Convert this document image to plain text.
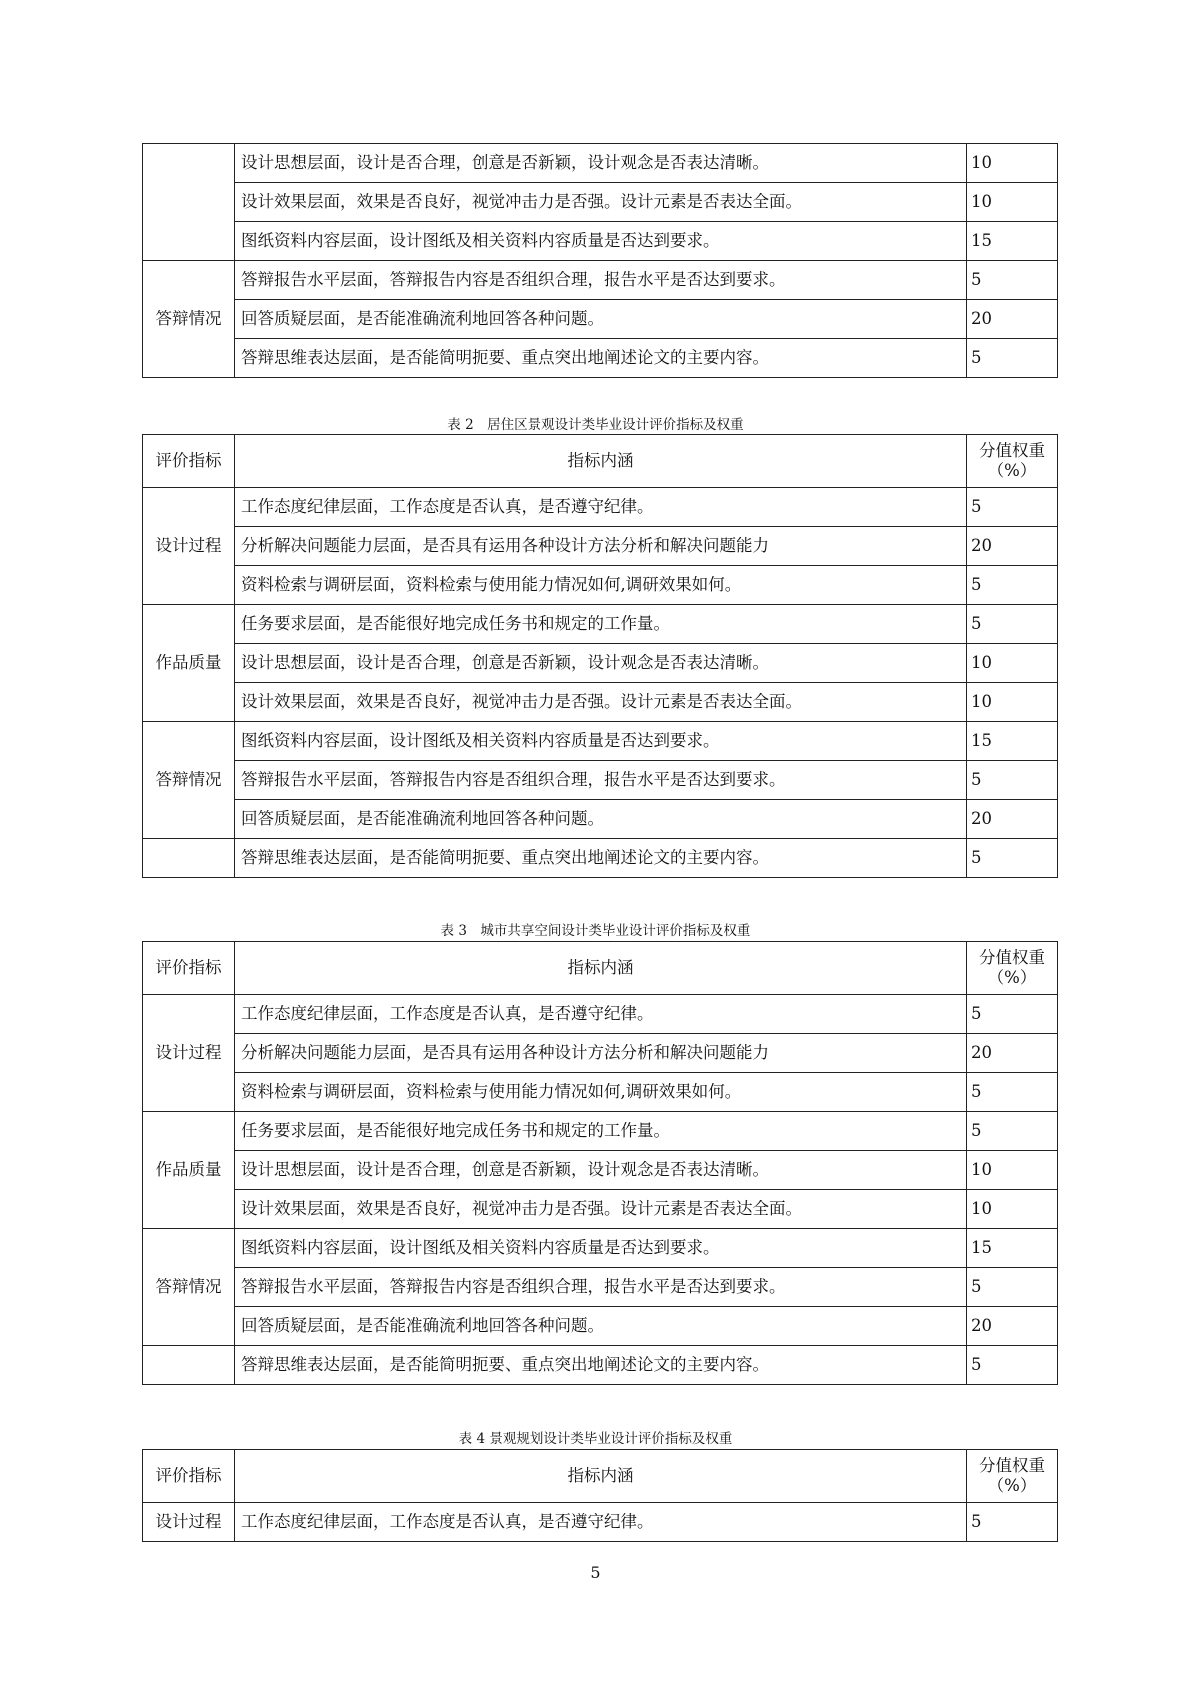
	设计思想层面，设计是否合理，创意是否新颖，设计观念是否表达清晰。	10
	设计效果层面，效果是否良好，视觉冲击力是否强。设计元素是否表达全面。	10
	图纸资料内容层面，设计图纸及相关资料内容质量是否达到要求。	15
答辩情况	答辩报告水平层面，答辩报告内容是否组织合理，报告水平是否达到要求。	5
	回答质疑层面，是否能准确流利地回答各种问题。	20
	答辩思维表达层面，是否能简明扼要、重点突出地阐述论文的主要内容。	5
表 2　居住区景观设计类毕业设计评价指标及权重
评价指标	指标内涵	分值权重
（%）

设计过程	工作态度纪律层面，工作态度是否认真，是否遵守纪律。	5
	分析解决问题能力层面，是否具有运用各种设计方法分析和解决问题能力	20
	资料检索与调研层面，资料检索与使用能力情况如何,调研效果如何。	5
作品质量	任务要求层面，是否能很好地完成任务书和规定的工作量。	5
	设计思想层面，设计是否合理，创意是否新颖，设计观念是否表达清晰。	10
	设计效果层面，效果是否良好，视觉冲击力是否强。设计元素是否表达全面。	10
答辩情况	图纸资料内容层面，设计图纸及相关资料内容质量是否达到要求。	15
	答辩报告水平层面，答辩报告内容是否组织合理，报告水平是否达到要求。	5
	回答质疑层面，是否能准确流利地回答各种问题。	20
	答辩思维表达层面，是否能简明扼要、重点突出地阐述论文的主要内容。	5
表 3　城市共享空间设计类毕业设计评价指标及权重
评价指标	指标内涵	分值权重
（%）

设计过程	工作态度纪律层面，工作态度是否认真，是否遵守纪律。	5
	分析解决问题能力层面，是否具有运用各种设计方法分析和解决问题能力	20
	资料检索与调研层面，资料检索与使用能力情况如何,调研效果如何。	5
作品质量	任务要求层面，是否能很好地完成任务书和规定的工作量。	5
	设计思想层面，设计是否合理，创意是否新颖，设计观念是否表达清晰。	10
	设计效果层面，效果是否良好，视觉冲击力是否强。设计元素是否表达全面。	10
答辩情况	图纸资料内容层面，设计图纸及相关资料内容质量是否达到要求。	15
	答辩报告水平层面，答辩报告内容是否组织合理，报告水平是否达到要求。	5
	回答质疑层面，是否能准确流利地回答各种问题。	20
	答辩思维表达层面，是否能简明扼要、重点突出地阐述论文的主要内容。	5
表 4 景观规划设计类毕业设计评价指标及权重
评价指标	指标内涵	分值权重
（%）

设计过程	工作态度纪律层面，工作态度是否认真，是否遵守纪律。	5
5
